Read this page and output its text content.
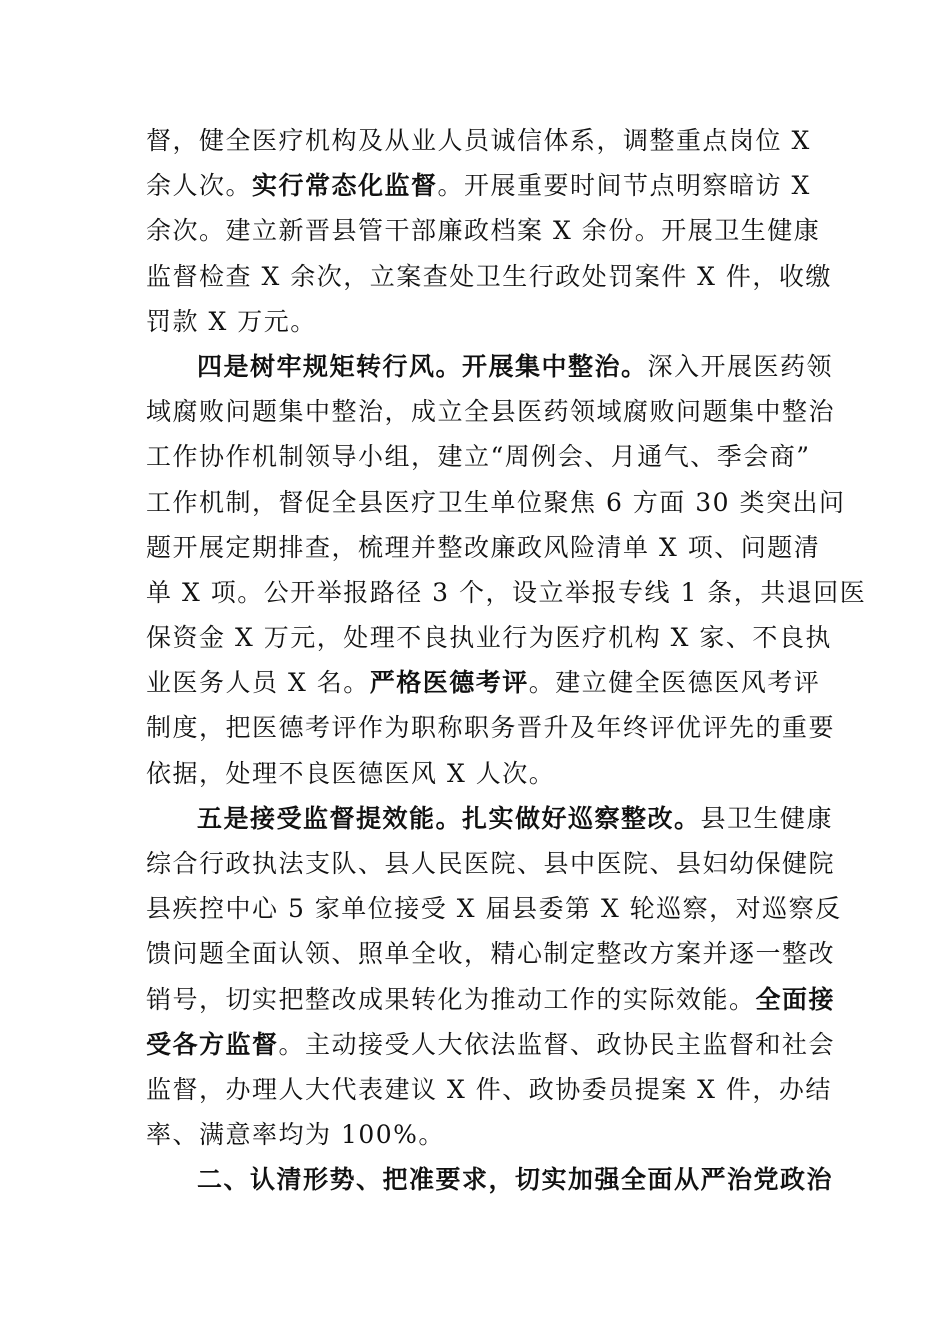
督，健全医疗机构及从业人员诚信体系，调整重点岗位 X
余人次。实行常态化监督。开展重要时间节点明察暗访 X
余次。建立新晋县管干部廉政档案 X 余份。开展卫生健康
监督检查 X 余次，立案查处卫生行政处罚案件 X 件，收缴
罚款 X 万元。
四是树牢规矩转行风。开展集中整治。深入开展医药领
域腐败问题集中整治，成立全县医药领域腐败问题集中整治
工作协作机制领导小组，建立“周例会、月通气、季会商”
工作机制，督促全县医疗卫生单位聚焦 6 方面 30 类突出问
题开展定期排查，梳理并整改廉政风险清单 X 项、问题清
单 X 项。公开举报路径 3 个，设立举报专线 1 条，共退回医
保资金 X 万元，处理不良执业行为医疗机构 X 家、不良执
业医务人员 X 名。严格医德考评。建立健全医德医风考评
制度，把医德考评作为职称职务晋升及年终评优评先的重要
依据，处理不良医德医风 X 人次。
五是接受监督提效能。扎实做好巡察整改。县卫生健康
综合行政执法支队、县人民医院、县中医院、县妇幼保健院
县疾控中心 5 家单位接受 X 届县委第 X 轮巡察，对巡察反
馈问题全面认领、照单全收，精心制定整改方案并逐一整改
销号，切实把整改成果转化为推动工作的实际效能。全面接
受各方监督。主动接受人大依法监督、政协民主监督和社会
监督，办理人大代表建议 X 件、政协委员提案 X 件，办结
率、满意率均为 100%。
二、认清形势、把准要求，切实加强全面从严治党政治
